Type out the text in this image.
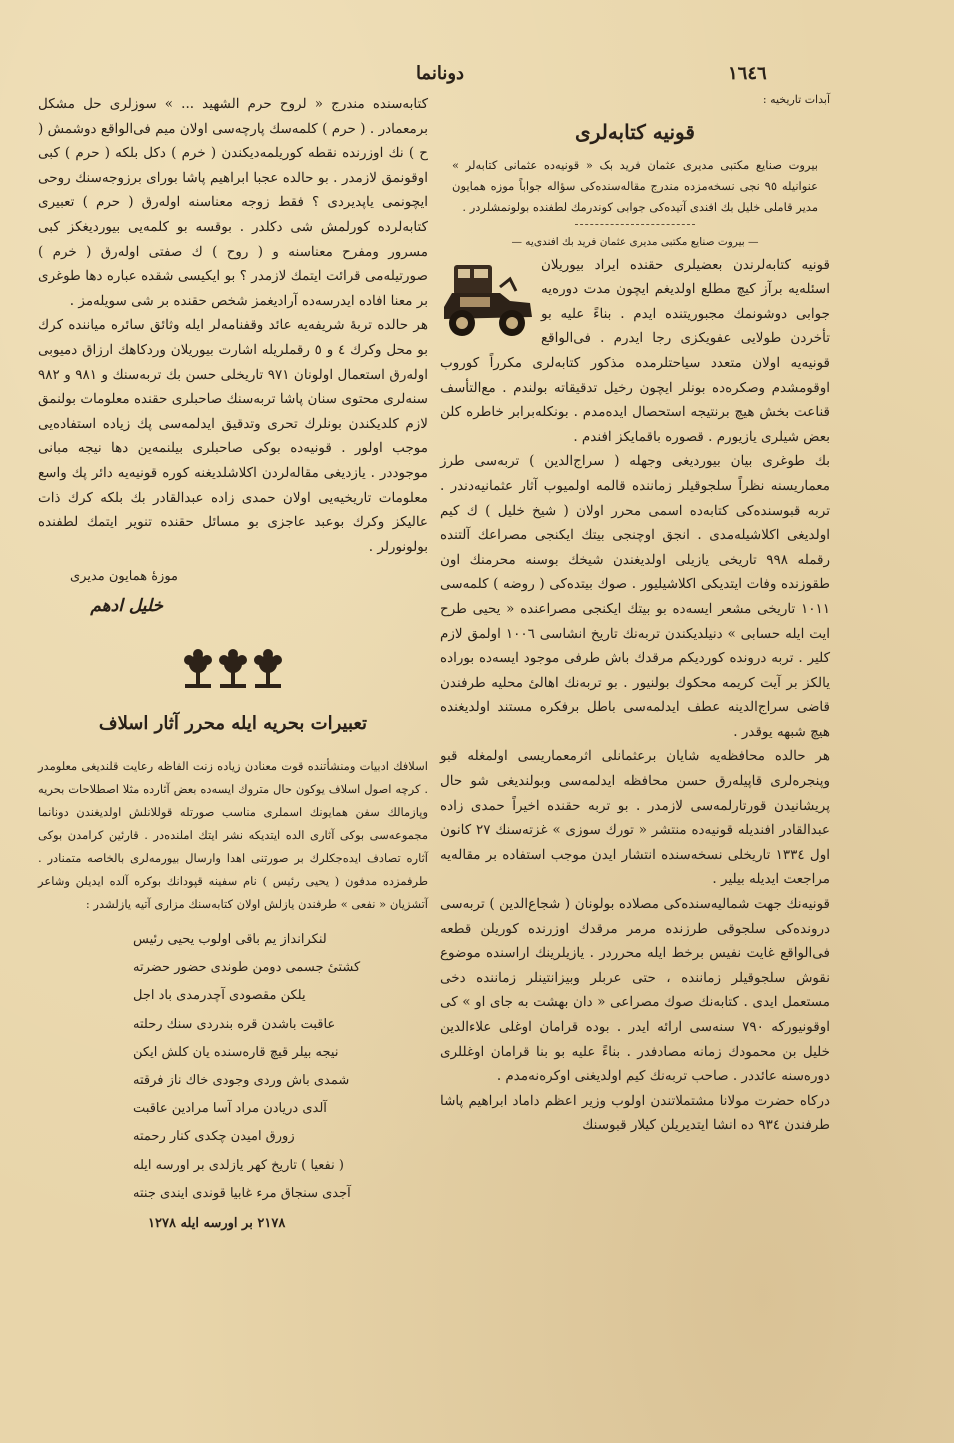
١٦٤٦
دونانما
آبدات تاریخیه :
قونیه کتابه‌لری

بیروت صنایع مکتبی مدیری عثمان فرید بک « قونیه‌ده عثمانی کتابه‌لر » عنوانیله ٩٥ نجی نسخه‌مزده مندرج مقاله‌سنده‌کی سؤاله جواباً موزه همایون مدیر قاملی خلیل بك افندی آتیده‌کی جوابی کوندرمك لطفنده بولونمشلردر .

— بیروت صنایع مکتبی مدیری عثمان فرید بك افندی‌یه —

قونیه کتابه‌لرندن بعضیلری حقنده ایراد بیوریلان اسئله‌یه برآز کیچ مطلع اولدیغم ایچون مدت دوره‌یه جوابی دوشونمك مجبوریتنده ایدم . بناءً علیه بو تأخردن طولایی عفویکزی رجا ایدرم . فی‌الواقع قونیه‌یه اولان متعدد سیاحتلرمده مذکور کتابه‌لری مکرراً کوروب اوقومشدم وصکره‌ده بونلر ایچون رخیل تدقیقاته بولندم . مع‌التأسف قناعت بخش هیچ برنتیجه استحصال ایده‌مدم . بونکله‌برابر خاطره کلن بعض شیلری یازیورم . قصوره باقمایکز افندم .

بك طوغری بیان بیوردیغی وجهله ( سراج‌الدین ) تربه‌سی طرز معماریسنه نظراً سلجوقیلر زماننده قالمه اولمیوب آثار عثمانیه‌دندر . تربه قبوسنده‌کی کتابه‌ده اسمی محرر اولان ( شیخ خلیل ) ك کیم اولدیغی اکلاشیله‌مدی . انجق اوچنجی بیتك ایکنجی مصراعك آلتنده رقمله ٩٩٨ تاریخی یازیلی اولدیغندن شیخك بوسنه محرمنك اون طقوزنده وفات ایتدیکی اکلاشیلیور . صوك بیتده‌کی ( روضه ) کلمه‌سی ١٠١١ تاریخی مشعر ایسه‌ده بو بیتك ایکنجی مصراعنده « یحیی طرح ایت ایله حسابی » دنیلدیکندن تربه‌نك تاریخ انشاسی ١٠٠٦ اولمق لازم کلیر . تربه درونده کوردیکم مرقدك باش طرفی موجود ایسه‌ده بوراده یالکز بر آیت کریمه محکوك بولنیور . بو تربه‌نك اهالیٔ محلیه طرفندن قاضی سراج‌الدینه عطف ایدلمه‌سی باطل برفکره مستند اولدیغنده هیچ شبهه یوقدر .

هر حالده محافظه‌یه شایان برعثمانلی اثرمعماریسی اولمغله قبو وپنجره‌لری قاپیله‌رق حسن محافظه ایدلمه‌سی وبولندیغی شو حال پریشانیدن قورتارلمه‌سی لازمدر . بو تربه حقنده اخیراً حمدی زاده عبدالقادر افندیله قونیه‌ده منتشر « تورك سوزی » غزته‌سنك ٢٧ کانون اول ١٣٣٤ تاریخلی نسخه‌سنده انتشار ایدن موجب استفاده بر مقاله‌یه مراجعت ایدیله بیلیر .

قونیه‌نك جهت شمالیه‌سنده‌کی مصلاده بولونان ( شجاع‌الدین ) تربه‌سی درونده‌کی سلجوقی طرزنده مرمر مرقدك اوزرنده کوریلن قطعه فی‌الواقع غایت نفیس برخط ایله محرردر . یازیلرینك اراسنده موضوع نقوش سلجوقیلر زماننده ، حتی عربلر وبیزانتینلر زماننده دخی مستعمل ایدی . کتابه‌نك صوك مصراعی « دان بهشت به جای او » کی اوقونیورکه ٧٩٠ سنه‌سی ارائه ایدر . بوده قرامان اوغلی علاءالدین خلیل بن محمودك زمانه مصادفدر . بناءً علیه بو بنا قرامان اوغللری دوره‌سنه عائددر . صاحب تربه‌نك کیم اولدیغنی اوکره‌نه‌مدم .

درکاه حضرت مولانا مشتملاتندن اولوب وزیر اعظم داماد ابراهیم پاشا طرفندن ٩٣٤ ده انشا ایتدیریلن کیلار قبوسنك

کتابه‌سنده مندرج « لروح حرم الشهید ... » سوزلری حل مشکل برمعمادر . ( حرم ) کلمه‌سك پارچه‌سی اولان میم فی‌الواقع دوشمش ( ح ) نك اوزرنده نقطه کوریلمه‌دیکندن ( خرم ) دکل بلکه ( حرم ) کبی اوقونمق لازمدر . بو حالده عجبا ابراهیم پاشا بورای برزوجه‌سنك روحی ایچونمی یاپدیردی ؟ فقط زوجه معناسنه اوله‌رق ( حرم ) تعبیری کتابه‌لرده کورلمش شی دکلدر . بوقسه بو کلمه‌یی بیوردیغکز کبی مسرور ومفرح معناسنه و ( روح ) ك صفتی اوله‌رق ( خرم ) صورتیله‌می قرائت ایتمك لازمدر ؟ بو ایکیسی شقده عباره دها طوغری بر معنا افاده ایدرسه‌ده آرادیغمز شخص حقنده بر شی سویله‌مز .

هر حالده تربهٔ شریفه‌یه عائد وقفنامه‌لر ایله وثائق سائره میاننده کرك بو محل وکرك ٤ و ٥ رقملریله اشارت بیوریلان وردکاهك ارزاق دمیوبی اوله‌رق استعمال اولونان ٩٧١ تاریخلی حسن بك تربه‌سنك و ٩٨١ و ٩٨٢ سنه‌لری محتوی سنان پاشا تربه‌سنك صاحبلری حقنده معلومات بولنمق لازم کلدیکندن بونلرك تحری وتدقیق ایدلمه‌سی پك زیاده استفاده‌یی موجب اولور . قونیه‌ده بوکی صاحبلری بیلنمه‌ین دها نیجه مبانی موجوددر . یازدیغی مقاله‌لردن اکلاشلدیغنه کوره قونیه‌یه دائر پك واسع معلومات تاریخیه‌یی اولان حمدی زاده عبدالقادر بك بلکه کرك ذات عالیکز وکرك بوعبد عاجزی بو مسائل حقنده تنویر ایتمك لطفنده بولونورلر .

موزهٔ همایون مدیری
خلیل ادهم
تعبیرات بحریه ایله محرر آثار اسلاف

اسلافك ادبیات ومنشأتنده قوت معنادن زیاده زنت الفاظه رعایت قلندیغی معلومدر . کرچه اصول اسلاف یوکون حال متروك ایسه‌ده بعض آثارده مثلا اصطلاحات بحریه وپازمالك سفن همایونك اسملری مناسب صورتله قوللانلش اولدیغندن دونانما مجموعه‌سی بوکی آثاری الده ایتدیکه نشر ایتك املنده‌در . قارئین کرامدن بوکی آثاره تصادف ایده‌جکلرك بر صورتنی اهدا وارسال بیورمه‌لری بالخاصه متمنادر . طرفمزده مدفون ( یحیی رئیس ) نام سفینه قپودانك بوکره آلده ایدیلن وشاعر آتشزیان « نفعی » طرفندن یازلش اولان کتابه‌سنك مزاری آتیه یازلشدر :

لنکرانداز یم باقی اولوب یحیی رئیس

کشتیٔ جسمی دومن طوندی حضور حضرته

یلکن مقصودی آچدرمدی باد اجل

عاقبت باشدن قره بندردی سنك رحلته

نیجه بیلر قیچ قاره‌سنده یان کلش ایکن

شمدی باش وردی وجودی خاك ناز فرقته

آلدی دریادن مراد آسا مرادین عاقبت

زورق امیدن چکدی کنار رحمته

( نفعیا ) تاریخ کهر یازلدی بر اورسه ایله

آجدی سنجاق مرء غابیا قوندی ایندی جنته

٢١٧٨ بر اورسه ایله ١٢٧٨
